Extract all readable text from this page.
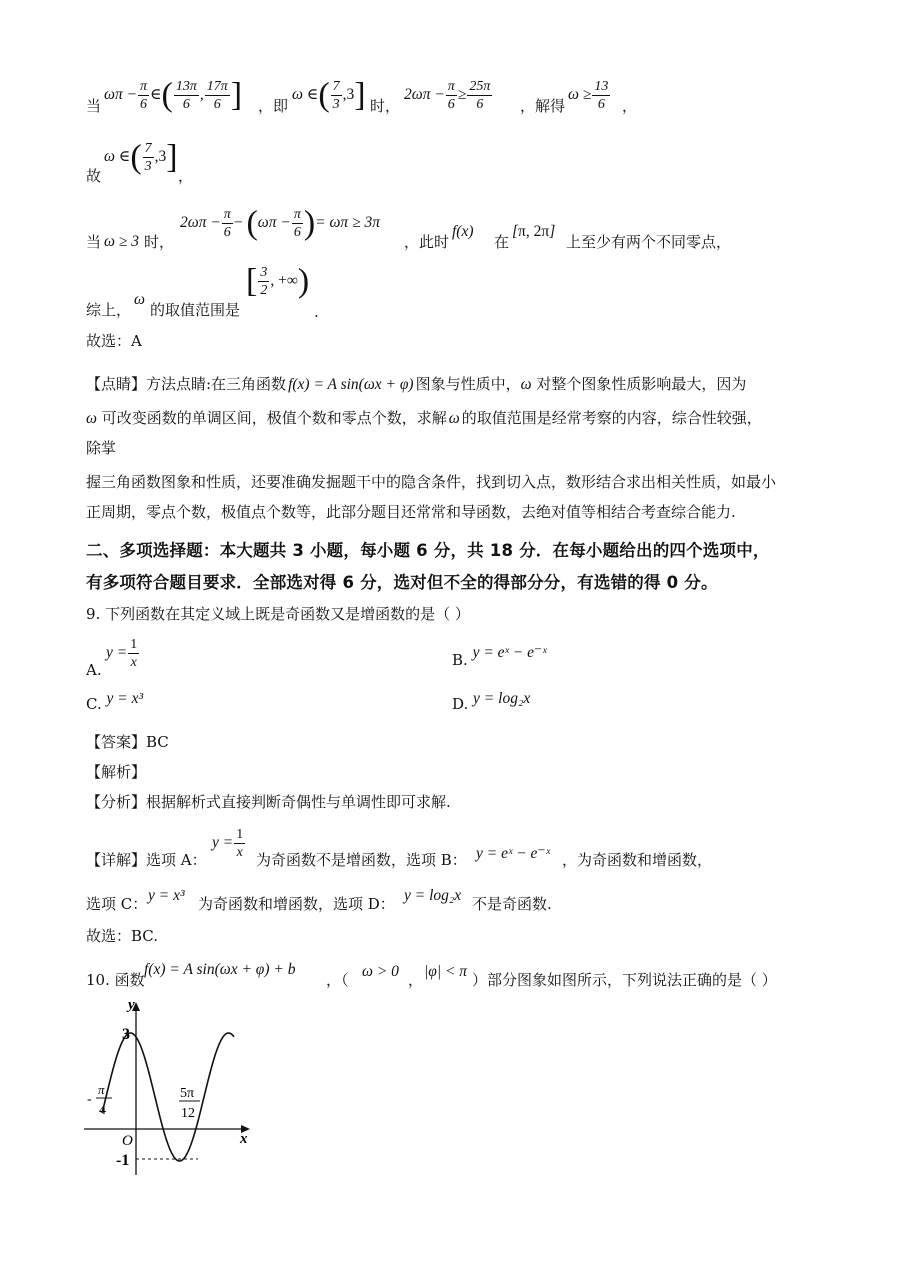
当
$\omega\pi - \frac{\pi}{6}$ ∈( $\frac{13\pi}{6}$ , $\frac{17\pi}{6}$ ] ，即
ω ∈( $\frac{7}{3} ,3$] 时，
$2\omega\pi - \frac{\pi}{6} \ge \frac{25\pi}{6}$ ，解得
$\omega \ge \frac{13}{6}$ ，
故
ω ∈( $\frac{7}{3} ,3$]
，
当 ω ≥ 3 时，
$2\omega\pi - \frac{\pi}{6} - (\omega\pi - \frac{\pi}{6}$ )= ωπ ≥ 3π
，此时
f(x)
在
[π, 2π]
上至少有两个不同零点，
综上，
ω
的取值范围是
[ $\frac{3}{2}$ , +∞)
.
故选：A
【点睛】方法点睛:在三角函数 f(x) = A sin(ωx + φ) 图象与性质中，ω 对整个图象性质影响最大，因为
ω 可改变函数的单调区间，极值个数和零点个数，求解 ω 的取值范围是经常考察的内容，综合性较强，
除掌
握三角函数图象和性质，还要准确发掘题干中的隐含条件，找到切入点，数形结合求出相关性质，如最小
正周期，零点个数，极值点个数等，此部分题目还常常和导函数，去绝对值等相结合考查综合能力.
二、多项选择题：本大题共 3 小题，每小题 6 分，共 18 分．在每小题给出的四个选项中，
有多项符合题目要求．全部选对得 6 分，选对但不全的得部分分，有选错的得 0 分。
9. 下列函数在其定义域上既是奇函数又是增函数的是（ ）
A.
$y = \frac{1}{x}$	B. y = eˣ − e⁻ˣ
C. y = x³	D. y = log₂x
【答案】BC
【解析】
【分析】根据解析式直接判断奇偶性与单调性即可求解.
【详解】选项 A：
$y = \frac{1}{x}$ 为奇函数不是增函数，选项 B： y = eˣ − e⁻ˣ ，为奇函数和增函数，
选项 C： y = x³ 为奇函数和增函数，选项 D： y = log₂x 不是奇函数.
故选：BC.
10. 函数
f(x) = A sin(ωx + φ) + b
，（ ω > 0 ， |φ| < π ）部分图象如图所示，下列说法正确的是（ ）
y
x
O
3
-1
-
π
4
5π
12
